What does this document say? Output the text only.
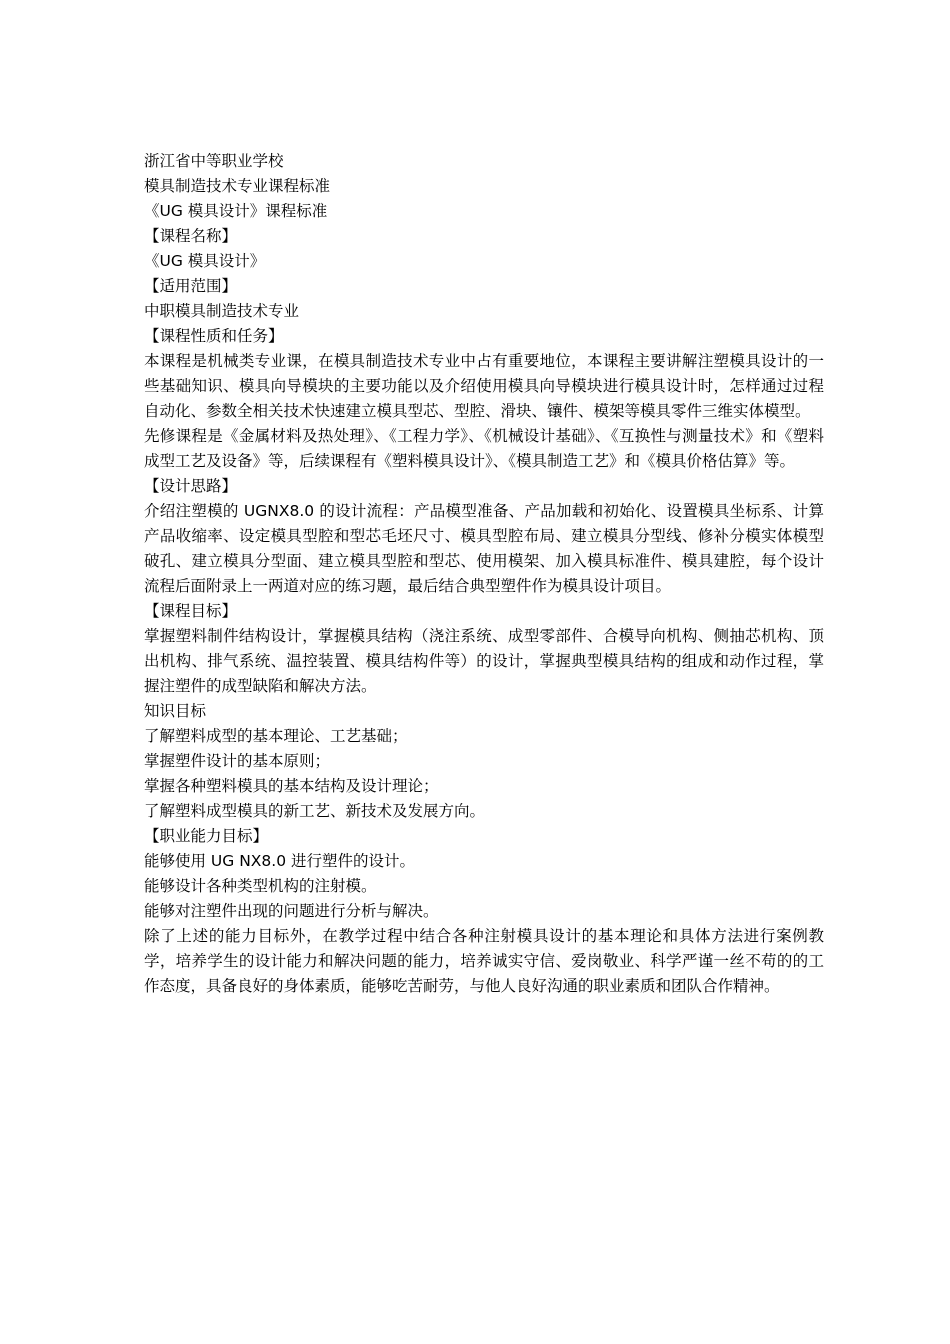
浙江省中等职业学校

模具制造技术专业课程标准

《UG 模具设计》课程标准

【课程名称】

《UG 模具设计》

【适用范围】

中职模具制造技术专业

【课程性质和任务】

本课程是机械类专业课，在模具制造技术专业中占有重要地位，本课程主要讲解注塑模具设计的一些基础知识、模具向导模块的主要功能以及介绍使用模具向导模块进行模具设计时，怎样通过过程自动化、参数全相关技术快速建立模具型芯、型腔、滑块、镶件、模架等模具零件三维实体模型。

先修课程是《金属材料及热处理》、《工程力学》、《机械设计基础》、《互换性与测量技术》和《塑料成型工艺及设备》等，后续课程有《塑料模具设计》、《模具制造工艺》和《模具价格估算》等。

【设计思路】

介绍注塑模的 UGNX8.0 的设计流程：产品模型准备、产品加载和初始化、设置模具坐标系、计算产品收缩率、设定模具型腔和型芯毛坯尺寸、模具型腔布局、建立模具分型线、修补分模实体模型破孔、建立模具分型面、建立模具型腔和型芯、使用模架、加入模具标准件、模具建腔，每个设计流程后面附录上一两道对应的练习题，最后结合典型塑件作为模具设计项目。

【课程目标】

掌握塑料制件结构设计，掌握模具结构（浇注系统、成型零部件、合模导向机构、侧抽芯机构、顶出机构、排气系统、温控装置、模具结构件等）的设计，掌握典型模具结构的组成和动作过程，掌握注塑件的成型缺陷和解决方法。

知识目标

了解塑料成型的基本理论、工艺基础；

掌握塑件设计的基本原则；

掌握各种塑料模具的基本结构及设计理论；

了解塑料成型模具的新工艺、新技术及发展方向。

【职业能力目标】

能够使用 UG NX8.0 进行塑件的设计。

能够设计各种类型机构的注射模。

能够对注塑件出现的问题进行分析与解决。

除了上述的能力目标外，在教学过程中结合各种注射模具设计的基本理论和具体方法进行案例教学，培养学生的设计能力和解决问题的能力，培养诚实守信、爱岗敬业、科学严谨一丝不苟的的工作态度，具备良好的身体素质，能够吃苦耐劳，与他人良好沟通的职业素质和团队合作精神。
